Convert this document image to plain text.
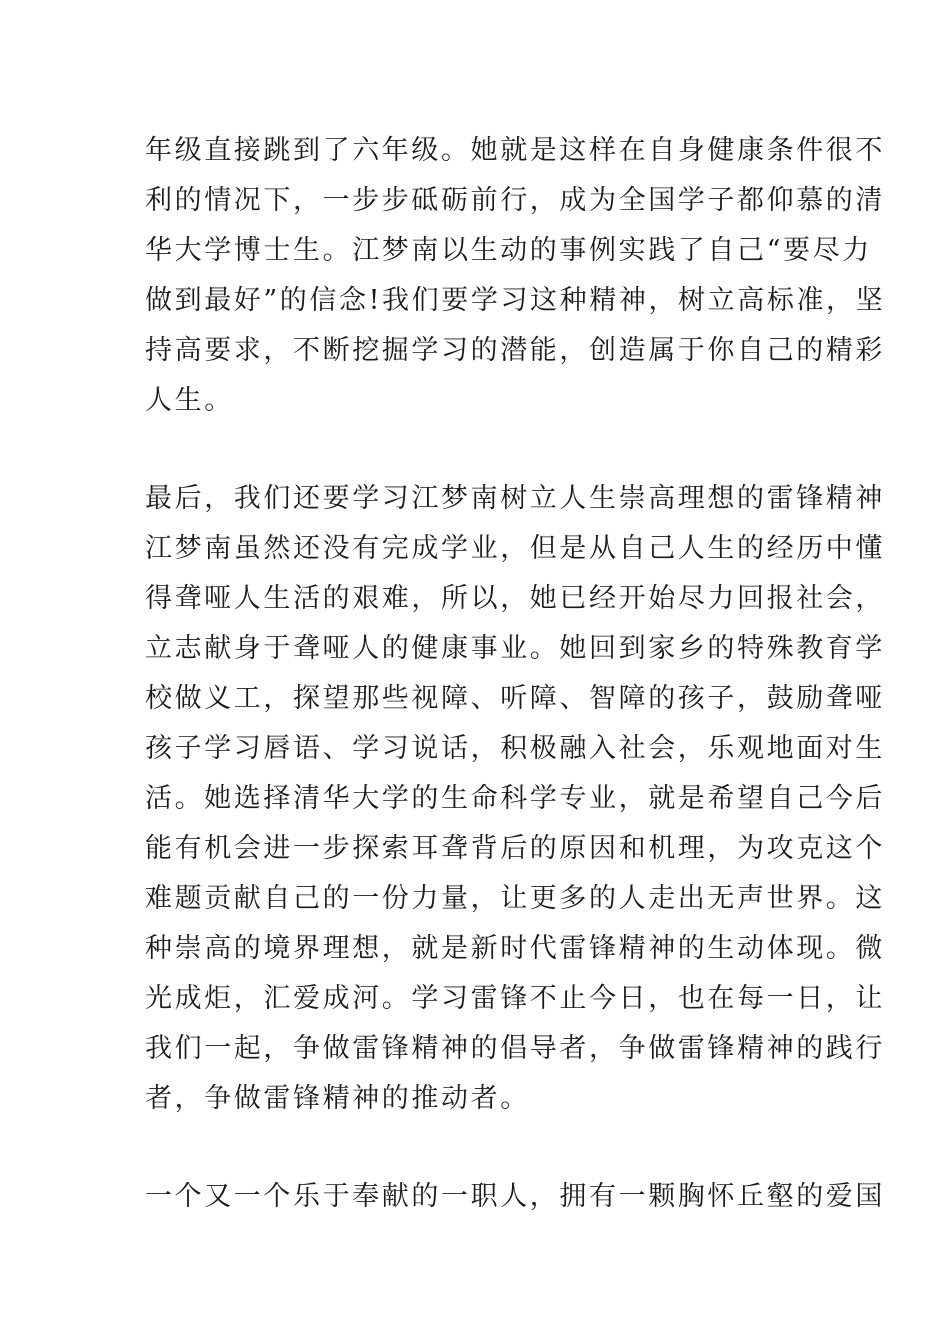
年级直接跳到了六年级。她就是这样在自身健康条件很不
利的情况下，一步步砥砺前行，成为全国学子都仰慕的清
华大学博士生。江梦南以生动的事例实践了自己“要尽力
做到最好”的信念!我们要学习这种精神，树立高标准，坚
持高要求，不断挖掘学习的潜能，创造属于你自己的精彩
人生。
最后，我们还要学习江梦南树立人生崇高理想的雷锋精神
江梦南虽然还没有完成学业，但是从自己人生的经历中懂
得聋哑人生活的艰难，所以，她已经开始尽力回报社会，
立志献身于聋哑人的健康事业。她回到家乡的特殊教育学
校做义工，探望那些视障、听障、智障的孩子，鼓励聋哑
孩子学习唇语、学习说话，积极融入社会，乐观地面对生
活。她选择清华大学的生命科学专业，就是希望自己今后
能有机会进一步探索耳聋背后的原因和机理，为攻克这个
难题贡献自己的一份力量，让更多的人走出无声世界。这
种崇高的境界理想，就是新时代雷锋精神的生动体现。微
光成炬，汇爱成河。学习雷锋不止今日，也在每一日，让
我们一起，争做雷锋精神的倡导者，争做雷锋精神的践行
者，争做雷锋精神的推动者。
一个又一个乐于奉献的一职人，拥有一颗胸怀丘壑的爱国
